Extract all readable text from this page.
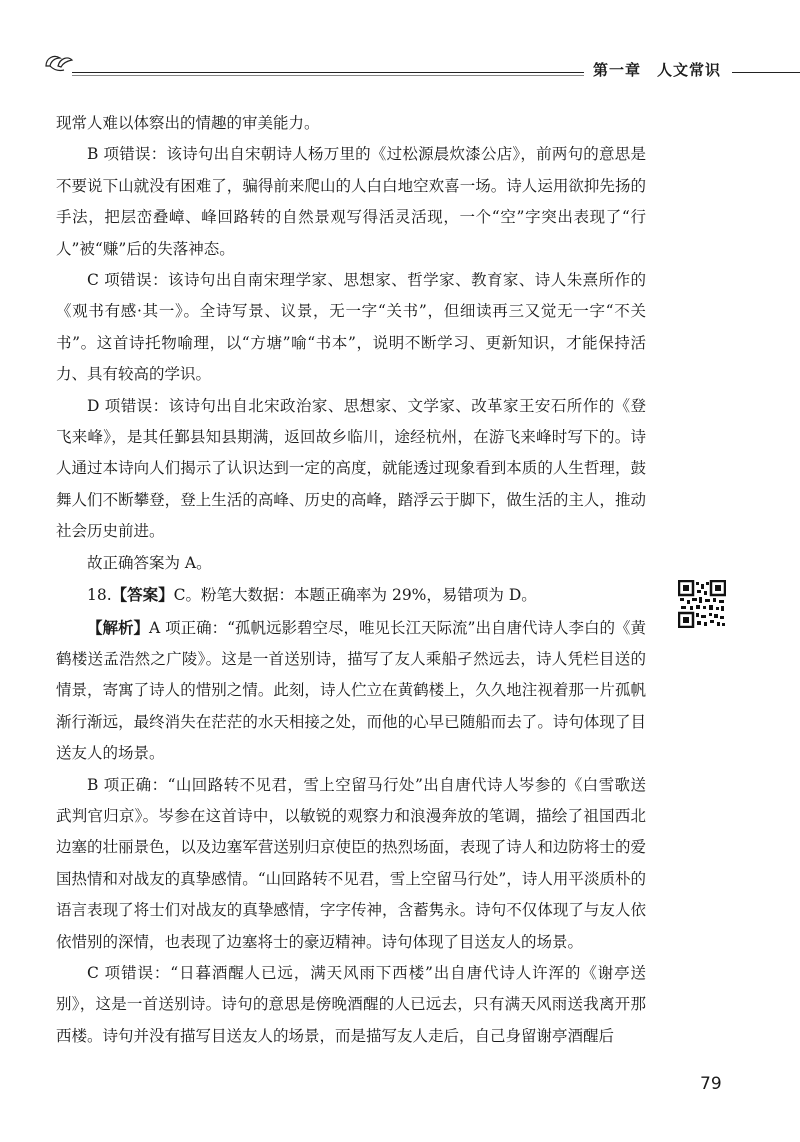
第一章　人文常识

现常人难以体察出的情趣的审美能力。

B 项错误：该诗句出自宋朝诗人杨万里的《过松源晨炊漆公店》，前两句的意思是不要说下山就没有困难了，骗得前来爬山的人白白地空欢喜一场。诗人运用欲抑先扬的手法，把层峦叠嶂、峰回路转的自然景观写得活灵活现，一个“空”字突出表现了“行人”被“赚”后的失落神态。

C 项错误：该诗句出自南宋理学家、思想家、哲学家、教育家、诗人朱熹所作的《观书有感·其一》。全诗写景、议景，无一字“关书”，但细读再三又觉无一字“不关书”。这首诗托物喻理，以“方塘”喻“书本”，说明不断学习、更新知识，才能保持活力、具有较高的学识。

D 项错误：该诗句出自北宋政治家、思想家、文学家、改革家王安石所作的《登飞来峰》，是其任鄞县知县期满，返回故乡临川，途经杭州，在游飞来峰时写下的。诗人通过本诗向人们揭示了认识达到一定的高度，就能透过现象看到本质的人生哲理，鼓舞人们不断攀登，登上生活的高峰、历史的高峰，踏浮云于脚下，做生活的主人，推动社会历史前进。

故正确答案为 A。

18.【答案】C。粉笔大数据：本题正确率为 29%，易错项为 D。

【解析】A 项正确：“孤帆远影碧空尽，唯见长江天际流”出自唐代诗人李白的《黄鹤楼送孟浩然之广陵》。这是一首送别诗，描写了友人乘船孑然远去，诗人凭栏目送的情景，寄寓了诗人的惜别之情。此刻，诗人伫立在黄鹤楼上，久久地注视着那一片孤帆渐行渐远，最终消失在茫茫的水天相接之处，而他的心早已随船而去了。诗句体现了目送友人的场景。

B 项正确：“山回路转不见君，雪上空留马行处”出自唐代诗人岑参的《白雪歌送武判官归京》。岑参在这首诗中，以敏锐的观察力和浪漫奔放的笔调，描绘了祖国西北边塞的壮丽景色，以及边塞军营送别归京使臣的热烈场面，表现了诗人和边防将士的爱国热情和对战友的真挚感情。“山回路转不见君，雪上空留马行处”，诗人用平淡质朴的语言表现了将士们对战友的真挚感情，字字传神，含蓄隽永。诗句不仅体现了与友人依依惜别的深情，也表现了边塞将士的豪迈精神。诗句体现了目送友人的场景。

C 项错误：“日暮酒醒人已远，满天风雨下西楼”出自唐代诗人许浑的《谢亭送别》，这是一首送别诗。诗句的意思是傍晚酒醒的人已远去，只有满天风雨送我离开那西楼。诗句并没有描写目送友人的场景，而是描写友人走后，自己身留谢亭酒醒后

79
